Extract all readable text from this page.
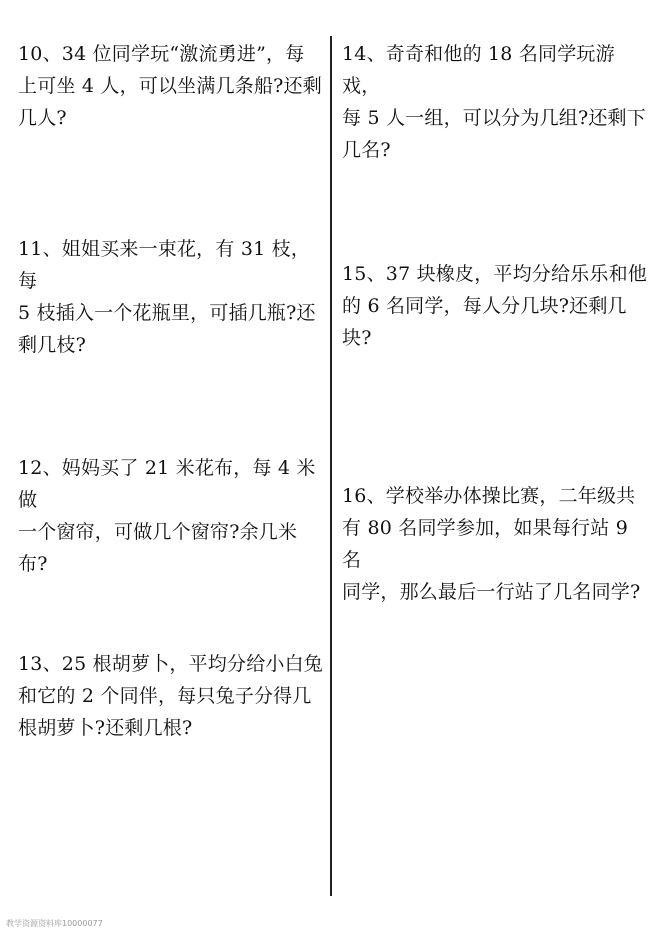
10、34 位同学玩“激流勇进”，每
上可坐 4 人，可以坐满几条船?还剩
几人?
11、姐姐买来一束花，有 31 枝，每
5 枝插入一个花瓶里，可插几瓶?还
剩几枝?
12、妈妈买了 21 米花布，每 4 米做
一个窗帘，可做几个窗帘?余几米
布?
13、25 根胡萝卜，平均分给小白兔
和它的 2 个同伴，每只兔子分得几
根胡萝卜?还剩几根?
14、奇奇和他的 18 名同学玩游戏，
每 5 人一组，可以分为几组?还剩下
几名?
15、37 块橡皮，平均分给乐乐和他
的 6 名同学，每人分几块?还剩几
块?
16、学校举办体操比赛，二年级共
有 80 名同学参加，如果每行站 9 名
同学，那么最后一行站了几名同学?
教学资源资料库10000077
